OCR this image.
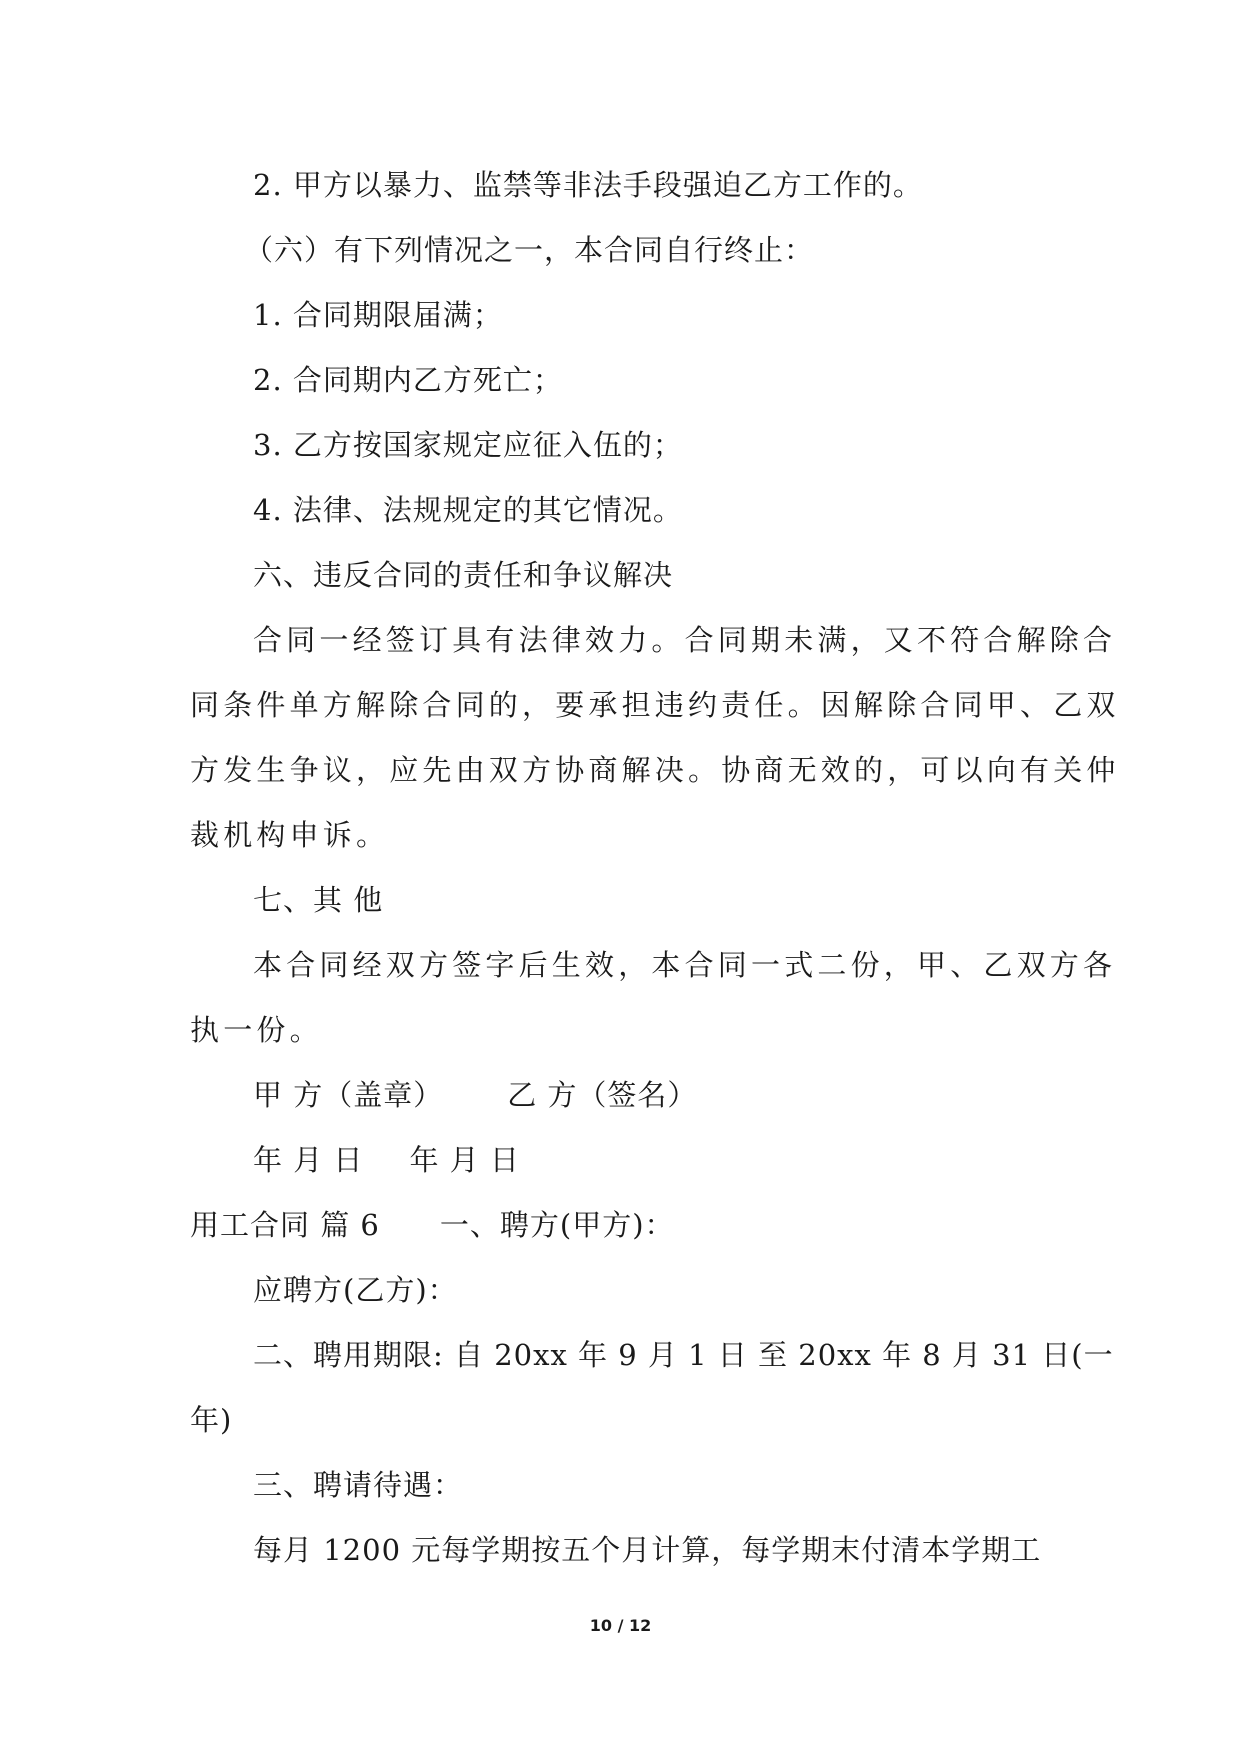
2. 甲方以暴力、监禁等非法手段强迫乙方工作的。
（六）有下列情况之一，本合同自行终止：
1. 合同期限届满；
2. 合同期内乙方死亡；
3. 乙方按国家规定应征入伍的；
4. 法律、法规规定的其它情况。
六、违反合同的责任和争议解决
合同一经签订具有法律效力。合同期未满，又不符合解除合
同条件单方解除合同的，要承担违约责任。因解除合同甲、乙双
方发生争议，应先由双方协商解决。协商无效的，可以向有关仲
裁机构申诉。
七、其 他
本合同经双方签字后生效，本合同一式二份，甲、乙双方各
执一份。
甲 方（盖章） 乙 方（签名）
年 月 日 年 月 日
用工合同 篇 6 一、聘方(甲方)：
应聘方(乙方)：
二、聘用期限: 自 20xx 年 9 月 1 日 至 20xx 年 8 月 31 日(一
年)
三、聘请待遇：
每月 1200 元每学期按五个月计算，每学期末付清本学期工
10 / 12
